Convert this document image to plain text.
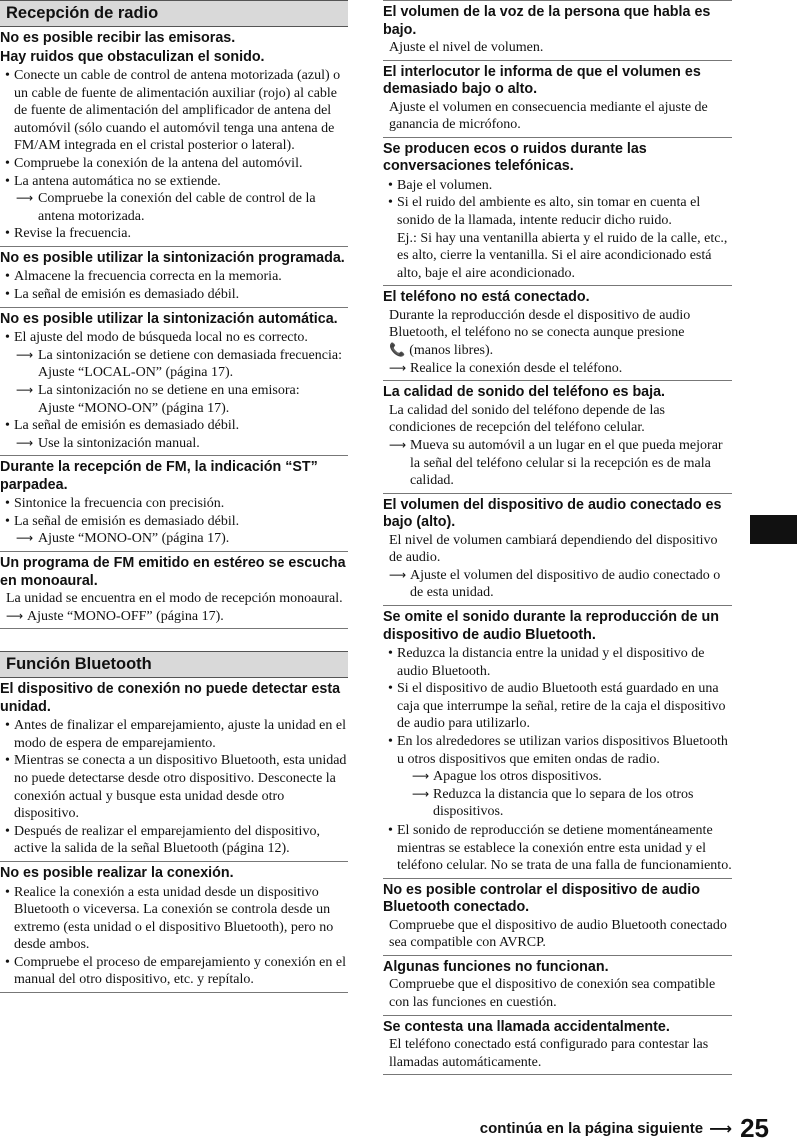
Recepción de radio
No es posible recibir las emisoras.
Hay ruidos que obstaculizan el sonido.
• Conecte un cable de control de antena motorizada (azul) o un cable de fuente de alimentación auxiliar (rojo) al cable de fuente de alimentación del amplificador de antena del automóvil (sólo cuando el automóvil tenga una antena de FM/AM integrada en el cristal posterior o lateral).
• Compruebe la conexión de la antena del automóvil.
• La antena automática no se extiende.
⟶ Compruebe la conexión del cable de control de la antena motorizada.
• Revise la frecuencia.
No es posible utilizar la sintonización programada.
• Almacene la frecuencia correcta en la memoria.
• La señal de emisión es demasiado débil.
No es posible utilizar la sintonización automática.
• El ajuste del modo de búsqueda local no es correcto.
⟶ La sintonización se detiene con demasiada frecuencia:
Ajuste “LOCAL-ON” (página 17).
⟶ La sintonización no se detiene en una emisora:
Ajuste “MONO-ON” (página 17).
• La señal de emisión es demasiado débil.
⟶ Use la sintonización manual.
Durante la recepción de FM, la indicación “ST” parpadea.
• Sintonice la frecuencia con precisión.
• La señal de emisión es demasiado débil.
⟶ Ajuste “MONO-ON” (página 17).
Un programa de FM emitido en estéreo se escucha en monoaural.
La unidad se encuentra en el modo de recepción monoaural.
⟶ Ajuste “MONO-OFF” (página 17).
Función Bluetooth
El dispositivo de conexión no puede detectar esta unidad.
• Antes de finalizar el emparejamiento, ajuste la unidad en el modo de espera de emparejamiento.
• Mientras se conecta a un dispositivo Bluetooth, esta unidad no puede detectarse desde otro dispositivo. Desconecte la conexión actual y busque esta unidad desde otro dispositivo.
• Después de realizar el emparejamiento del dispositivo, active la salida de la señal Bluetooth (página 12).
No es posible realizar la conexión.
• Realice la conexión a esta unidad desde un dispositivo Bluetooth o viceversa. La conexión se controla desde un extremo (esta unidad o el dispositivo Bluetooth), pero no desde ambos.
• Compruebe el proceso de emparejamiento y conexión en el manual del otro dispositivo, etc. y repítalo.
El volumen de la voz de la persona que habla es bajo.
Ajuste el nivel de volumen.
El interlocutor le informa de que el volumen es demasiado bajo o alto.
Ajuste el volumen en consecuencia mediante el ajuste de ganancia de micrófono.
Se producen ecos o ruidos durante las conversaciones telefónicas.
• Baje el volumen.
• Si el ruido del ambiente es alto, sin tomar en cuenta el sonido de la llamada, intente reducir dicho ruido.
Ej.: Si hay una ventanilla abierta y el ruido de la calle, etc., es alto, cierre la ventanilla. Si el aire acondicionado está alto, baje el aire acondicionado.
El teléfono no está conectado.
Durante la reproducción desde el dispositivo de audio Bluetooth, el teléfono no se conecta aunque presione
📞 (manos libres).
⟶ Realice la conexión desde el teléfono.
La calidad de sonido del teléfono es baja.
La calidad del sonido del teléfono depende de las condiciones de recepción del teléfono celular.
⟶ Mueva su automóvil a un lugar en el que pueda mejorar la señal del teléfono celular si la recepción es de mala calidad.
El volumen del dispositivo de audio conectado es bajo (alto).
El nivel de volumen cambiará dependiendo del dispositivo de audio.
⟶ Ajuste el volumen del dispositivo de audio conectado o de esta unidad.
Se omite el sonido durante la reproducción de un dispositivo de audio Bluetooth.
• Reduzca la distancia entre la unidad y el dispositivo de audio Bluetooth.
• Si el dispositivo de audio Bluetooth está guardado en una caja que interrumpe la señal, retire de la caja el dispositivo de audio para utilizarlo.
• En los alrededores se utilizan varios dispositivos Bluetooth u otros dispositivos que emiten ondas de radio.
⟶ Apague los otros dispositivos.
⟶ Reduzca la distancia que lo separa de los otros dispositivos.
• El sonido de reproducción se detiene momentáneamente mientras se establece la conexión entre esta unidad y el teléfono celular. No se trata de una falla de funcionamiento.
No es posible controlar el dispositivo de audio Bluetooth conectado.
Compruebe que el dispositivo de audio Bluetooth conectado sea compatible con AVRCP.
Algunas funciones no funcionan.
Compruebe que el dispositivo de conexión sea compatible con las funciones en cuestión.
Se contesta una llamada accidentalmente.
El teléfono conectado está configurado para contestar las llamadas automáticamente.
continúa en la página siguiente ⟶ 25
